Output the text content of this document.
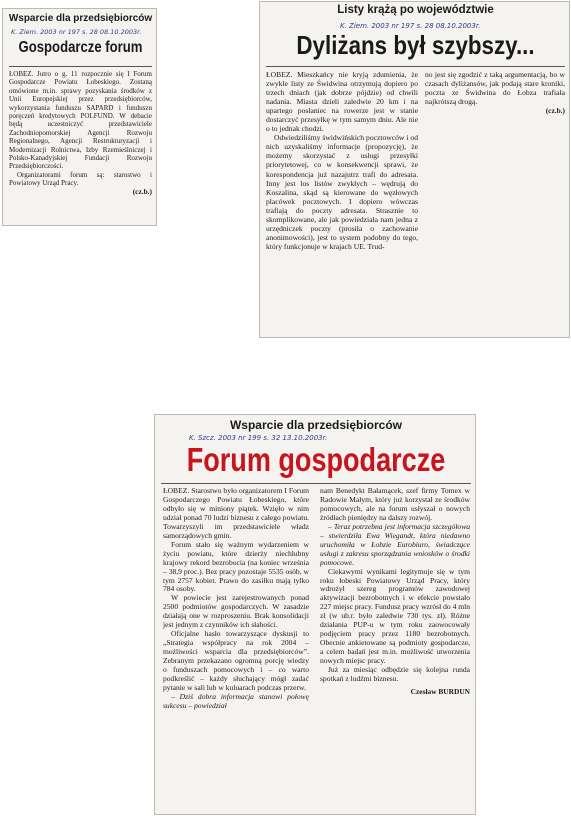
Wsparcie dla przedsiębiorców
K. Ziem. 2003 nr 197 s. 28 08.10.2003r.
Gospodarcze forum

ŁOBEZ. Jutro o g. 11 rozpocznie się I Forum Gospodarcze Powiatu Łobeskiego. Zostaną omówione m.in. sprawy pozyskania środków z Unii Europejskiej przez przedsiębiorców, wykorzystania funduszu SAPARD i funduszu poręczeń kredytowych POLFUND. W debacie będą uczestniczyć przedstawiciele Zachodniopomorskiej Agencji Rozwoju Regionalnego, Agencji Restrukturyzacji i Modernizacji Rolnictwa, Izby Rzemieślniczej i Polsko-Kanadyjskiej Fundacji Rozwoju Przedsiębiorczości.

Organizatorami forum są: starostwo i Powiatowy Urząd Pracy.

(cz.b.)
Listy krążą po województwie
K. Ziem. 2003 nr 197 s. 28 08.10.2003r.
Dyliżans był szybszy...

ŁOBEZ. Mieszkańcy nie kryją zdumienia, że zwykle listy ze Świdwina otrzymują dopiero po trzech dniach (jak dobrze pójdzie) od chwili nadania. Miasta dzieli zaledwie 20 km i na upartego posłaniec na rowerze jest w stanie dostarczyć przesyłkę w tym samym dniu. Ale nie o to jednak chodzi.

Odwiedziliśmy świdwińskich pocztowców i od nich uzyskaliśmy informacje (propozycję), że możemy skorzystać z usługi przesyłki priorytetowej, co w konsekwencji sprawi, że korespondencja już nazajutrz trafi do adresata. Inny jest los listów zwykłych – wędrują do Koszalina, skąd są kierowane do węzłowych placówek pocztowych. I dopiero wówczas trafiają do poczty adresata. Strasznie to skomplikowane, ale jak powiedziała nam jedna z urzędniczek poczty (prosiła o zachowanie anonimowości), jest to system podobny do tego, który funkcjonuje w krajach UE. Trud-

no jest się zgodzić z taką argumentacją, bo w czasach dyliżansów, jak podają stare kroniki, poczta ze Świdwina do Łobza trafiała najkrótszą drogą.

(cz.b.)
Wsparcie dla przedsiębiorców
K. Szcz. 2003 nr 199 s. 32 13.10.2003r.
Forum gospodarcze

ŁOBEZ. Starostwo było organizatorem I Forum Gospodarczego Powiatu Łobeskiego, które odbyło się w miniony piątek. Wzięło w nim udział ponad 70 ludzi biznesu z całego powiatu. Towarzyszyli im przedstawiciele władz samorządowych gmin.

Forum stało się ważnym wydarzeniem w życiu powiatu, które dzierży niechlubny krajowy rekord bezrobocia (na koniec września – 38,9 proc.). Bez pracy pozostaje 5535 osób, w tym 2757 kobiet. Prawo do zasiłku mają tylko 784 osoby.

W powiecie jest zarejestrowanych ponad 2500 podmiotów gospodarczych. W zasadzie działają one w rozproszeniu. Brak konsolidacji jest jednym z czynników ich słabości.

Oficjalne hasło towarzyszące dyskusji to „Strategia współpracy na rok 2004 – możliwości wsparcia dla przedsiębiorców”. Zebranym przekazano ogromną porcję wiedzy o funduszach pomocowych i – co warto podkreślić – każdy słuchający mógł zadać pytanie w sali lub w kuluarach podczas przerw.

– Dziś dobra informacja stanowi połowę sukcesu – powiedział

nam Benedykt Bałamącek, szef firmy Tomex w Radowie Małym, który już korzystał ze środków pomocowych, ale na forum usłyszał o nowych źródłach pieniędzy na dalszy rozwój.

– Teraz potrzebna jest informacja szczegółowa – stwierdziła Ewa Wiegandt, która niedawno uruchomiła w Łobzie Eurobiuro, świadczące usługi z zakresu sporządzania wniosków o środki pomocowe.

Ciekawymi wynikami legitymuje się w tym roku łobeski Powiatowy Urząd Pracy, który wdrożył szereg programów zawodowej aktywizacji bezrobotnych i w efekcie powstało 227 miejsc pracy. Fundusz pracy wzrósł do 4 mln zł (w ub.r. było zaledwie 730 tys. zł). Różne działania PUP-u w tym roku zaowocowały podjęciem pracy przez 1180 bezrobotnych. Obecnie ankietowane są podmioty gospodarcze, a celem badań jest m.in. możliwość utworzenia nowych miejsc pracy.

Już za miesiąc odbędzie się kolejna runda spotkań z ludźmi biznesu.

Czesław BURDUN
